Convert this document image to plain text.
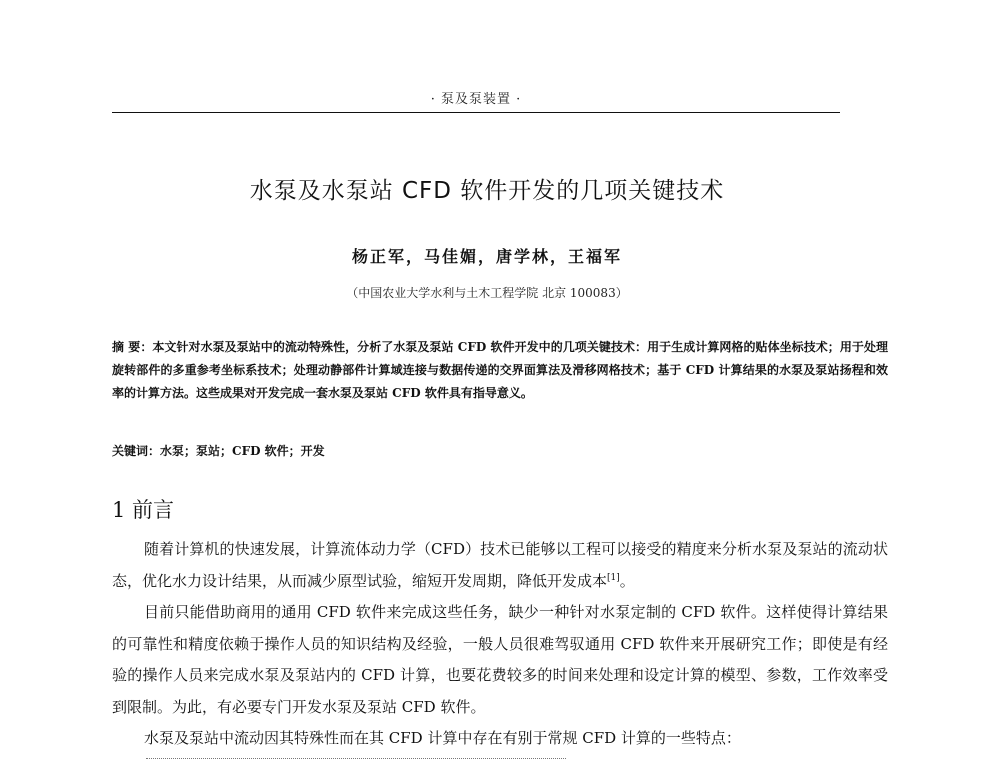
· 泵及泵装置 ·
水泵及水泵站 CFD 软件开发的几项关键技术
杨正军，马佳媚，唐学林，王福军
（中国农业大学水利与土木工程学院 北京 100083）
摘 要：本文针对水泵及泵站中的流动特殊性，分析了水泵及泵站 CFD 软件开发中的几项关键技术：用于生成计算网格的贴体坐标技术；用于处理旋转部件的多重参考坐标系技术；处理动静部件计算域连接与数据传递的交界面算法及滑移网格技术；基于 CFD 计算结果的水泵及泵站扬程和效率的计算方法。这些成果对开发完成一套水泵及泵站 CFD 软件具有指导意义。
关键词：水泵；泵站；CFD 软件；开发
1 前言

随着计算机的快速发展，计算流体动力学（CFD）技术已能够以工程可以接受的精度来分析水泵及泵站的流动状态，优化水力设计结果，从而减少原型试验，缩短开发周期，降低开发成本[1]。

目前只能借助商用的通用 CFD 软件来完成这些任务，缺少一种针对水泵定制的 CFD 软件。这样使得计算结果的可靠性和精度依赖于操作人员的知识结构及经验，一般人员很难驾驭通用 CFD 软件来开展研究工作；即使是有经验的操作人员来完成水泵及泵站内的 CFD 计算，也要花费较多的时间来处理和设定计算的模型、参数，工作效率受到限制。为此，有必要专门开发水泵及泵站 CFD 软件。

水泵及泵站中流动因其特殊性而在其 CFD 计算中存在有别于常规 CFD 计算的一些特点：
